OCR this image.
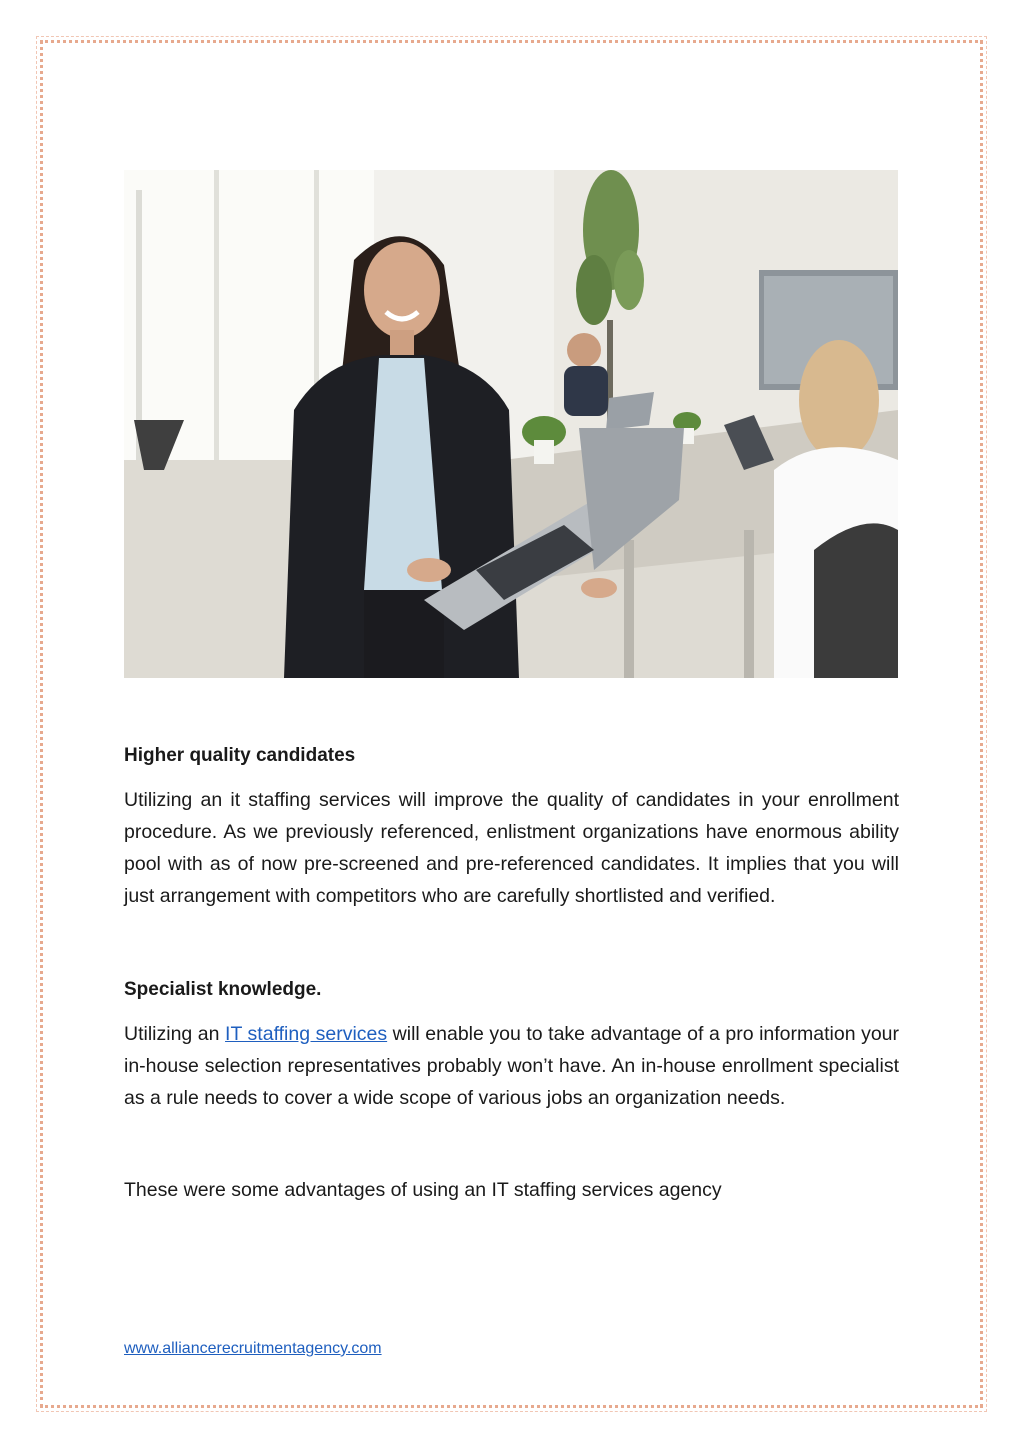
Higher quality candidates

Utilizing an it staffing services will improve the quality of candidates in your enrollment procedure. As we previously referenced, enlistment organizations have enormous ability pool with as of now pre-screened and pre-referenced candidates. It implies that you will just arrangement with competitors who are carefully shortlisted and verified.

Specialist knowledge.

Utilizing an IT staffing services will enable you to take advantage of a pro information your in-house selection representatives probably won’t have. An in-house enrollment specialist as a rule needs to cover a wide scope of various jobs an organization needs.

These were some advantages of using an IT staffing services agency

www.alliancerecruitmentagency.com
